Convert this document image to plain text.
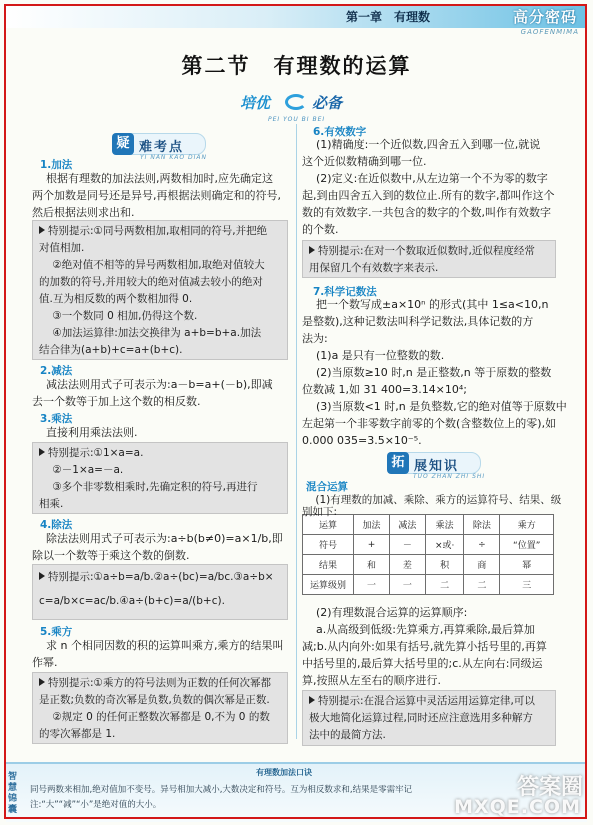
第一章　有理数	高分密码
GAOFENMIMA
第二节　有理数的运算
培优	必备
PEI YOU BI BEI
疑 难考点
YI NAN KAO DIAN
1.加法
根据有理数的加法法则,两数相加时,应先确定这
两个加数是同号还是异号,再根据法则确定和的符号,
然后根据法则求出和.
特别提示:①同号两数相加,取相同的符号,并把绝
对值相加.
②绝对值不相等的异号两数相加,取绝对值较大
的加数的符号,并用较大的绝对值减去较小的绝对
值.互为相反数的两个数相加得 0.
③一个数同 0 相加,仍得这个数.
④加法运算律:加法交换律为 a+b=b+a.加法
结合律为(a+b)+c=a+(b+c).
2.减法
减法法则用式子可表示为:a－b=a+(－b),即减
去一个数等于加上这个数的相反数.
3.乘法
直接利用乘法法则.
特别提示:①1×a=a.
②－1×a=－a.
③多个非零数相乘时,先确定积的符号,再进行
相乘.
4.除法
除法法则用式子可表示为:a÷b(b≠0)=a×1/b,即
除以一个数等于乘这个数的倒数.
特别提示:①a÷b=a/b.②a÷(bc)=a/bc.③a÷b×
c=a/b×c=ac/b.④a÷(b+c)=a/(b+c).
5.乘方
求 n 个相同因数的积的运算叫乘方,乘方的结果叫
作幂.
特别提示:①乘方的符号法则为正数的任何次幂都
是正数;负数的奇次幂是负数,负数的偶次幂是正数.
②规定 0 的任何正整数次幂都是 0,不为 0 的数
的零次幂都是 1.
6.有效数字
(1)精确度:一个近似数,四舍五入到哪一位,就说
这个近似数精确到哪一位.
(2)定义:在近似数中,从左边第一个不为零的数字
起,到由四舍五入到的数位止.所有的数字,都叫作这个
数的有效数字.一共包含的数字的个数,叫作有效数字
的个数.
特别提示:在对一个数取近似数时,近似程度经常
用保留几个有效数字来表示.
7.科学记数法
把一个数写成±a×10ⁿ 的形式(其中 1≤a<10,n
是整数),这种记数法叫科学记数法,具体记数的方
法为:
(1)a 是只有一位整数的数.
(2)当原数≥10 时,n 是正整数,n 等于原数的整数
位数减 1,如 31 400=3.14×10⁴;
(3)当原数<1 时,n 是负整数,它的绝对值等于原数中
左起第一个非零数字前零的个数(含整数位上的零),如
0.000 035=3.5×10⁻⁵.
拓 展知识
TUO ZHAN ZHI SHI
混合运算
(1)有理数的加减、乘除、乘方的运算符号、结果、级
运算	加法	减法	乘法	除法	乘方
符号	+	－	×或·	÷	“位置”
结果	和	差	积	商	幂
运算级别	一	一	二	二	三
别如下:
(2)有理数混合运算的运算顺序:
a.从高级到低级:先算乘方,再算乘除,最后算加
减;b.从内向外:如果有括号,就先算小括号里的,再算
中括号里的,最后算大括号里的;c.从左向右:同级运
算,按照从左至右的顺序进行.
特别提示:在混合运算中灵活运用运算定律,可以
极大地简化运算过程,同时还应注意选用多种解方
法中的最简方法.
智慧锦囊
有理数加法口诀
同号两数来相加,绝对值加不变号。异号相加大减小,大数决定和符号。互为相反数求和,结果是零需牢记
注:“大”“减”“小”是绝对值的大小。
答案圈
MXQE.COM
